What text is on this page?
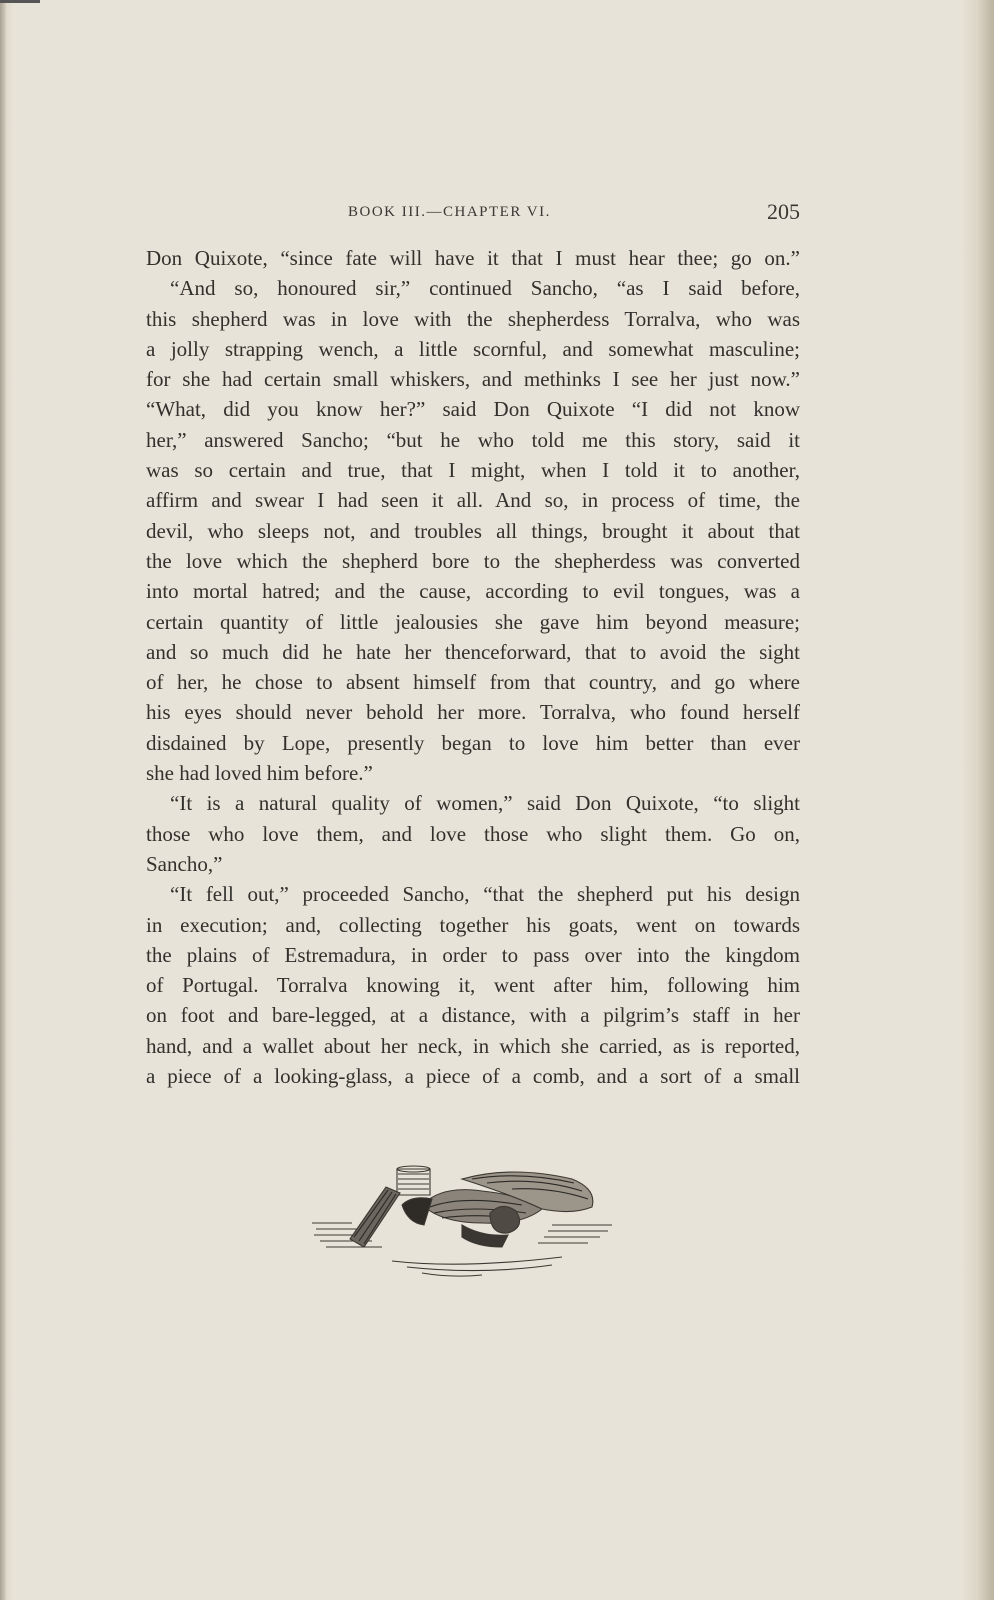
BOOK III.—CHAPTER VI.	205
Don Quixote, “since fate will have it that I must hear thee; go on.”
“And so, honoured sir,” continued Sancho, “as I said before,
this shepherd was in love with the shepherdess Torralva, who was
a jolly strapping wench, a little scornful, and somewhat masculine;
for she had certain small whiskers, and methinks I see her just now.”
“What, did you know her?” said Don Quixote “I did not know
her,” answered Sancho; “but he who told me this story, said it
was so certain and true, that I might, when I told it to another,
affirm and swear I had seen it all. And so, in process of time, the
devil, who sleeps not, and troubles all things, brought it about that
the love which the shepherd bore to the shepherdess was converted
into mortal hatred; and the cause, according to evil tongues, was a
certain quantity of little jealousies she gave him beyond measure;
and so much did he hate her thenceforward, that to avoid the sight
of her, he chose to absent himself from that country, and go where
his eyes should never behold her more. Torralva, who found herself
disdained by Lope, presently began to love him better than ever
she had loved him before.”
“It is a natural quality of women,” said Don Quixote, “to slight
those who love them, and love those who slight them. Go on,
Sancho,”
“It fell out,” proceeded Sancho, “that the shepherd put his design
in execution; and, collecting together his goats, went on towards
the plains of Estremadura, in order to pass over into the kingdom
of Portugal. Torralva knowing it, went after him, following him
on foot and bare-legged, at a distance, with a pilgrim’s staff in her
hand, and a wallet about her neck, in which she carried, as is reported,
a piece of a looking-glass, a piece of a comb, and a sort of a small
